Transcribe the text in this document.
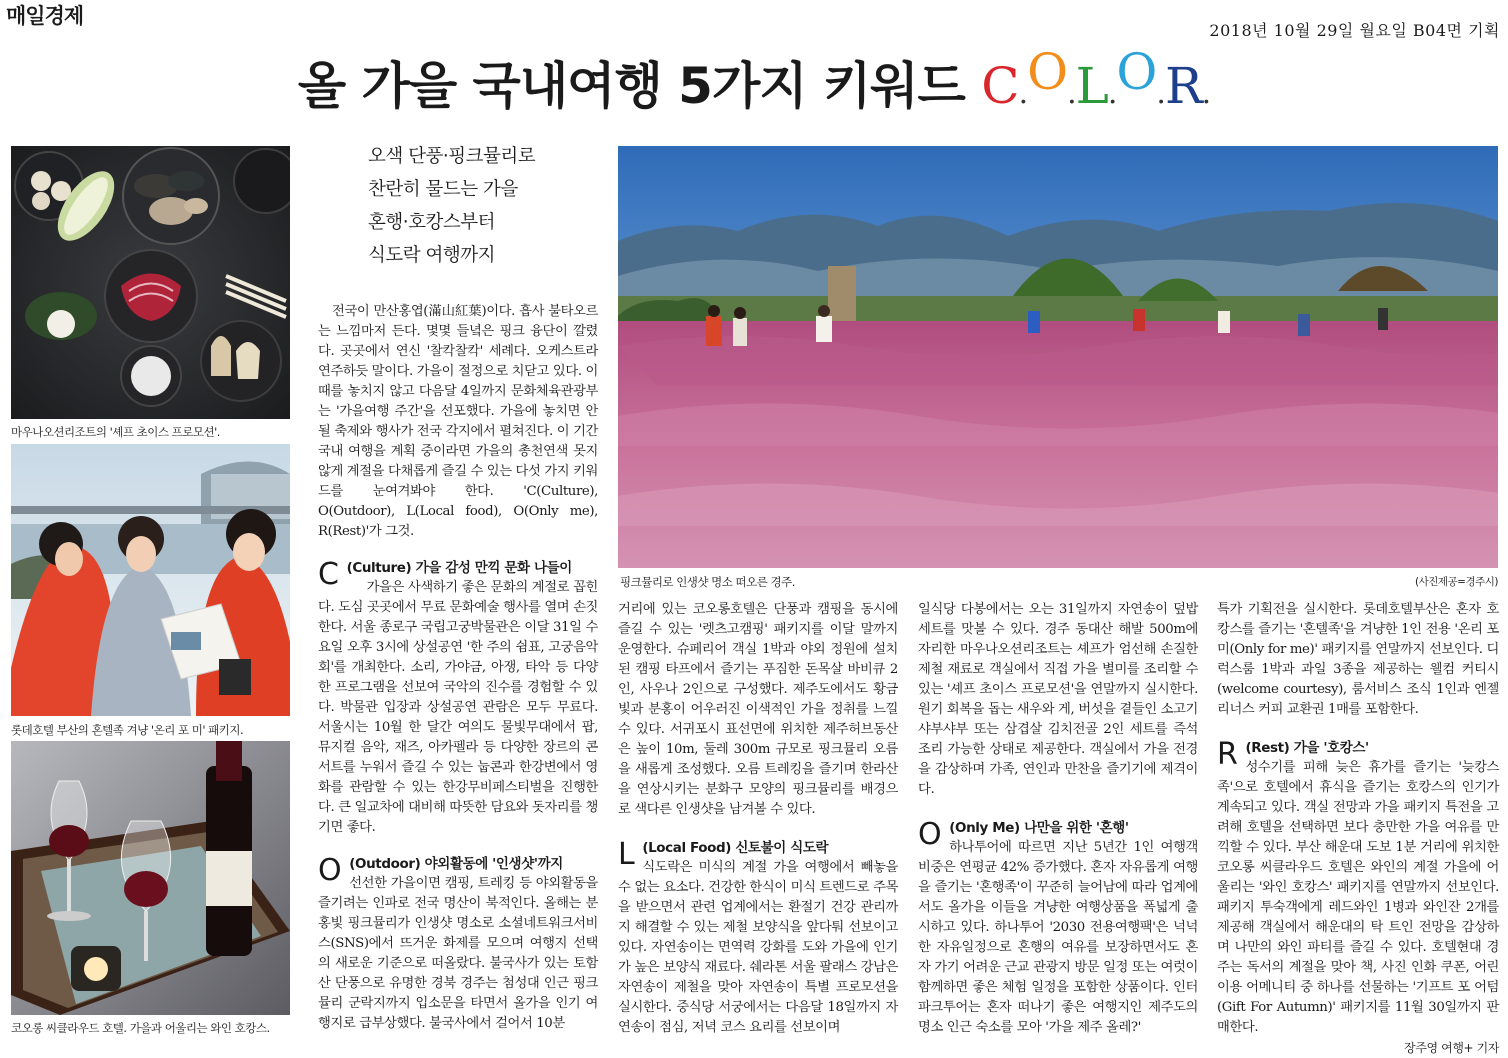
매일경제
2018년 10월 29일 월요일 B04면 기획
올 가을 국내여행 5가지 키워드 C.O.L.O.R.
마우나오션리조트의 '셰프 초이스 프로모션'.
롯데호텔 부산의 혼텔족 겨냥 '온리 포 미' 패키지.
코오롱 씨클라우드 호텔. 가을과 어울리는 와인 호캉스.
오색 단풍·핑크뮬리로
찬란히 물드는 가을
혼행·호캉스부터
식도락 여행까지
핑크뮬리로 인생샷 명소 떠오른 경주.	(사진제공=경주시)

전국이 만산홍엽(滿山紅葉)이다. 흡사 불타오르는 느낌마저 든다. 몇몇 들녘은 핑크 융단이 깔렸다. 곳곳에서 연신 '찰칵찰칵' 세례다. 오케스트라 연주하듯 말이다. 가을이 절정으로 치닫고 있다. 이때를 놓치지 않고 다음달 4일까지 문화체육관광부는 '가을여행 주간'을 선포했다. 가을에 놓치면 안 될 축제와 행사가 전국 각지에서 펼쳐진다. 이 기간 국내 여행을 계획 중이라면 가을의 총천연색 못지않게 계절을 다채롭게 즐길 수 있는 다섯 가지 키워드를 눈여겨봐야 한다. 'C(Culture), O(Outdoor), L(Local food), O(Only me), R(Rest)'가 그것.

C (Culture) 가을 감성 만끽 문화 나들이

가을은 사색하기 좋은 문화의 계절로 꼽힌다. 도심 곳곳에서 무료 문화예술 행사를 열며 손짓한다. 서울 종로구 국립고궁박물관은 이달 31일 수요일 오후 3시에 상설공연 '한 주의 쉼표, 고궁음악회'를 개최한다. 소리, 가야금, 아쟁, 타악 등 다양한 프로그램을 선보여 국악의 진수를 경험할 수 있다. 박물관 입장과 상설공연 관람은 모두 무료다. 서울시는 10월 한 달간 여의도 물빛무대에서 팝, 뮤지컬 음악, 재즈, 아카펠라 등 다양한 장르의 콘서트를 누워서 즐길 수 있는 눕콘과 한강변에서 영화를 관람할 수 있는 한강무비페스티벌을 진행한다. 큰 일교차에 대비해 따뜻한 담요와 돗자리를 챙기면 좋다.

O (Outdoor) 야외활동에 '인생샷'까지

선선한 가을이면 캠핑, 트레킹 등 야외활동을 즐기려는 인파로 전국 명산이 북적인다. 올해는 분홍빛 핑크뮬리가 인생샷 명소로 소셜네트워크서비스(SNS)에서 뜨거운 화제를 모으며 여행지 선택의 새로운 기준으로 떠올랐다. 불국사가 있는 토함산 단풍으로 유명한 경북 경주는 첨성대 인근 핑크뮬리 군락지까지 입소문을 타면서 올가을 인기 여행지로 급부상했다. 불국사에서 걸어서 10분

거리에 있는 코오롱호텔은 단풍과 캠핑을 동시에 즐길 수 있는 '렛츠고캠핑' 패키지를 이달 말까지 운영한다. 슈페리어 객실 1박과 야외 정원에 설치된 캠핑 타프에서 즐기는 푸짐한 돈목살 바비큐 2인, 사우나 2인으로 구성했다. 제주도에서도 황금빛과 분홍이 어우러진 이색적인 가을 정취를 느낄 수 있다. 서귀포시 표선면에 위치한 제주허브동산은 높이 10m, 둘레 300m 규모로 핑크뮬리 오름을 새롭게 조성했다. 오름 트레킹을 즐기며 한라산을 연상시키는 분화구 모양의 핑크뮬리를 배경으로 색다른 인생샷을 남겨볼 수 있다.

L (Local Food) 신토불이 식도락

식도락은 미식의 계절 가을 여행에서 빼놓을 수 없는 요소다. 건강한 한식이 미식 트렌드로 주목을 받으면서 관련 업계에서는 환절기 건강 관리까지 해결할 수 있는 제철 보양식을 앞다퉈 선보이고 있다. 자연송이는 면역력 강화를 도와 가을에 인기가 높은 보양식 재료다. 쉐라톤 서울 팔래스 강남은 자연송이 제철을 맞아 자연송이 특별 프로모션을 실시한다. 중식당 서궁에서는 다음달 18일까지 자연송이 점심, 저녁 코스 요리를 선보이며

일식당 다봉에서는 오는 31일까지 자연송이 덮밥 세트를 맛볼 수 있다. 경주 동대산 해발 500m에 자리한 마우나오션리조트는 셰프가 엄선해 손질한 제철 재료로 객실에서 직접 가을 별미를 조리할 수 있는 '셰프 초이스 프로모션'을 연말까지 실시한다. 원기 회복을 돕는 새우와 게, 버섯을 곁들인 소고기 샤부샤부 또는 삼겹살 김치전골 2인 세트를 즉석 조리 가능한 상태로 제공한다. 객실에서 가을 전경을 감상하며 가족, 연인과 만찬을 즐기기에 제격이다.

O (Only Me) 나만을 위한 '혼행'

하나투어에 따르면 지난 5년간 1인 여행객 비중은 연평균 42% 증가했다. 혼자 자유롭게 여행을 즐기는 '혼행족'이 꾸준히 늘어남에 따라 업계에서도 올가을 이들을 겨냥한 여행상품을 폭넓게 출시하고 있다. 하나투어 '2030 전용여행팩'은 넉넉한 자유일정으로 혼행의 여유를 보장하면서도 혼자 가기 어려운 근교 관광지 방문 일정 또는 여럿이 함께하면 좋은 체험 일정을 포함한 상품이다. 인터파크투어는 혼자 떠나기 좋은 여행지인 제주도의 명소 인근 숙소를 모아 '가을 제주 올레?'

특가 기획전을 실시한다. 롯데호텔부산은 혼자 호캉스를 즐기는 '혼텔족'을 겨냥한 1인 전용 '온리 포 미(Only for me)' 패키지를 연말까지 선보인다. 디럭스룸 1박과 과일 3종을 제공하는 웰컴 커티시(welcome courtesy), 룸서비스 조식 1인과 엔젤리너스 커피 교환권 1매를 포함한다.

R (Rest) 가을 '호캉스'

성수기를 피해 늦은 휴가를 즐기는 '늦캉스족'으로 호텔에서 휴식을 즐기는 호캉스의 인기가 계속되고 있다. 객실 전망과 가을 패키지 특전을 고려해 호텔을 선택하면 보다 충만한 가을 여유를 만끽할 수 있다. 부산 해운대 도보 1분 거리에 위치한 코오롱 씨클라우드 호텔은 와인의 계절 가을에 어울리는 '와인 호캉스' 패키지를 연말까지 선보인다. 패키지 투숙객에게 레드와인 1병과 와인잔 2개를 제공해 객실에서 해운대의 탁 트인 전망을 감상하며 나만의 와인 파티를 즐길 수 있다. 호텔현대 경주는 독서의 계절을 맞아 책, 사진 인화 쿠폰, 어린이용 어메니티 중 하나를 선물하는 '기프트 포 어텀(Gift For Autumn)' 패키지를 11월 30일까지 판매한다.

장주영 여행+ 기자
